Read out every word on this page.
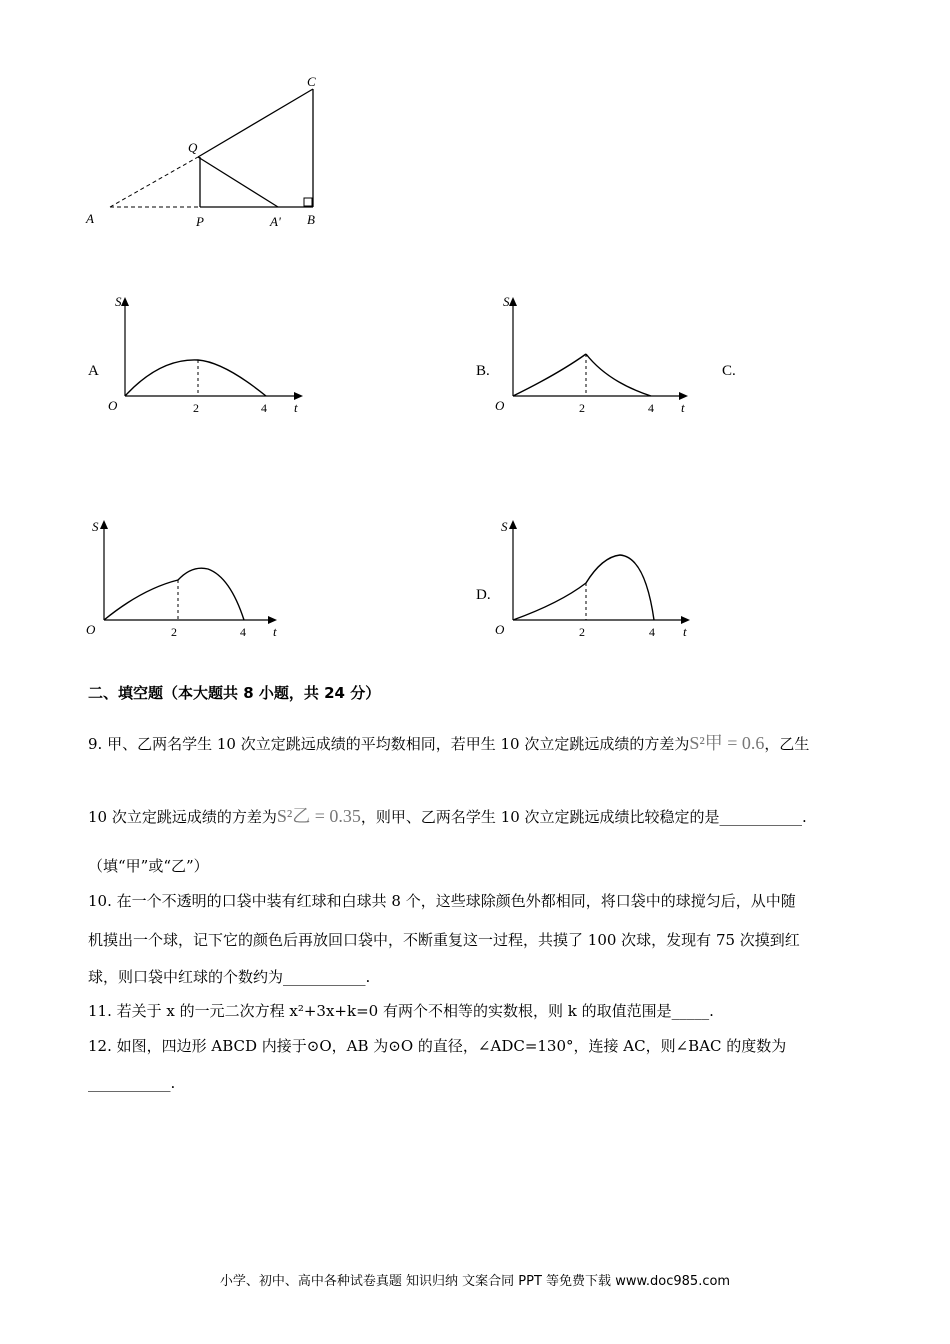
A	P	A' B
C
Q
A	B.	C.
D.
S
O	2	4 t
S
O	2	4 t
S
O	2	4 t
S
O	2	4 t
二、填空题（本大题共 8 小题，共 24 分）
9. 甲、乙两名学生 10 次立定跳远成绩的平均数相同，若甲生 10 次立定跳远成绩的方差为S²甲 = 0.6，乙生
10 次立定跳远成绩的方差为S²乙 = 0.35，则甲、乙两名学生 10 次立定跳远成绩比较稳定的是___________.
（填“甲”或“乙”）
10. 在一个不透明的口袋中装有红球和白球共 8 个，这些球除颜色外都相同，将口袋中的球搅匀后，从中随
机摸出一个球，记下它的颜色后再放回口袋中，不断重复这一过程，共摸了 100 次球，发现有 75 次摸到红
球，则口袋中红球的个数约为___________.
11. 若关于 x 的一元二次方程 x²+3x+k=0 有两个不相等的实数根，则 k 的取值范围是_____.
12. 如图，四边形 ABCD 内接于⊙O，AB 为⊙O 的直径，∠ADC=130°，连接 AC，则∠BAC 的度数为
___________.
小学、初中、高中各种试卷真题 知识归纳 文案合同 PPT 等免费下载 www.doc985.com
